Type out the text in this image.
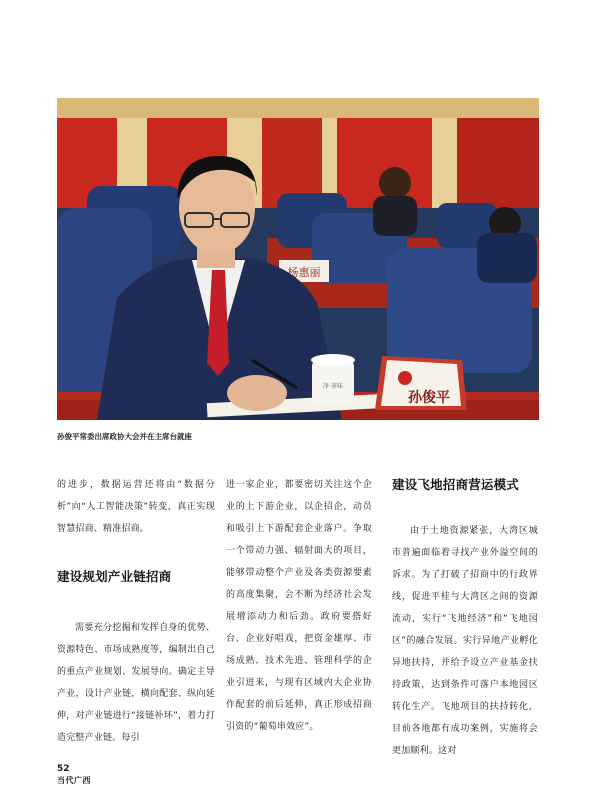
杨惠丽
净·茶味
孙俊平
孙俊平常委出席政协大会并在主席台就座

的进步，数据运营还将由“数据分析”向“人工智能决策”转变，真正实现智慧招商、精准招商。

建设规划产业链招商

需要充分挖掘和发挥自身的优势、资源特色、市场成熟度等，编制出自己的重点产业规划、发展导向。确定主导产业，设计产业链，横向配套、纵向延伸，对产业链进行“接链补环”，着力打造完整产业链。每引

进一家企业，都要密切关注这个企业的上下游企业，以企招企，动员和吸引上下游配套企业落户。争取一个带动力强、辐射面大的项目，能够带动整个产业及各类资源要素的高度集聚，会不断为经济社会发展增添动力和后劲。政府要搭好台、企业好唱戏，把资金雄厚、市场成熟、技术先进、管理科学的企业引进来，与现有区域内大企业协作配套的前后延伸，真正形成招商引资的“葡萄串效应”。

建设飞地招商营运模式

由于土地资源紧张，大湾区城市普遍面临着寻找产业外溢空间的诉求。为了打破了招商中的行政界线，促进平桂与大湾区之间的资源流动，实行“飞地经济”和“飞地园区”的融合发展。实行异地产业孵化异地扶持，并给予设立产业基金扶持政策，达到条件可落户本地园区转化生产。飞地项目的扶持转化，目前各地都有成功案例，实施将会更加顺利。这对

52
当代广西
